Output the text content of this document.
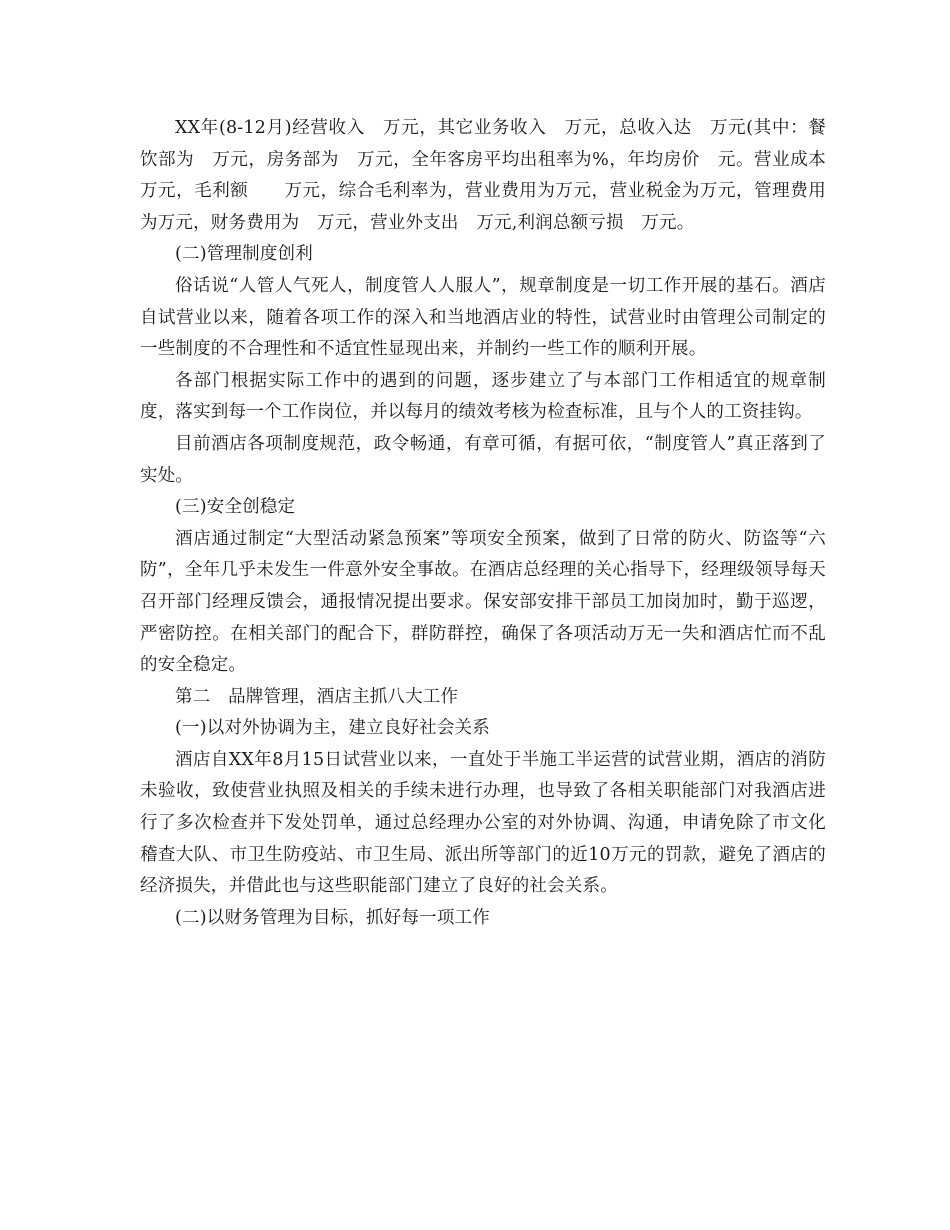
XX年(8-12月)经营收入　万元，其它业务收入　万元，总收入达　万元(其中：餐饮部为　万元，房务部为　万元，全年客房平均出租率为%，年均房价　元。营业成本　万元，毛利额　　万元，综合毛利率为，营业费用为万元，营业税金为万元，管理费用为万元，财务费用为　万元，营业外支出　万元,利润总额亏损　万元。

(二)管理制度创利

俗话说“人管人气死人，制度管人人服人”，规章制度是一切工作开展的基石。酒店自试营业以来，随着各项工作的深入和当地酒店业的特性，试营业时由管理公司制定的一些制度的不合理性和不适宜性显现出来，并制约一些工作的顺利开展。

各部门根据实际工作中的遇到的问题，逐步建立了与本部门工作相适宜的规章制度，落实到每一个工作岗位，并以每月的绩效考核为检查标准，且与个人的工资挂钩。

目前酒店各项制度规范，政令畅通，有章可循，有据可依，“制度管人”真正落到了实处。

(三)安全创稳定

酒店通过制定“大型活动紧急预案”等项安全预案，做到了日常的防火、防盗等“六防”，全年几乎未发生一件意外安全事故。在酒店总经理的关心指导下，经理级领导每天召开部门经理反馈会，通报情况提出要求。保安部安排干部员工加岗加时，勤于巡逻，严密防控。在相关部门的配合下，群防群控，确保了各项活动万无一失和酒店忙而不乱的安全稳定。

第二　品牌管理，酒店主抓八大工作

(一)以对外协调为主，建立良好社会关系

酒店自XX年8月15日试营业以来，一直处于半施工半运营的试营业期，酒店的消防未验收，致使营业执照及相关的手续未进行办理，也导致了各相关职能部门对我酒店进行了多次检查并下发处罚单，通过总经理办公室的对外协调、沟通，申请免除了市文化稽查大队、市卫生防疫站、市卫生局、派出所等部门的近10万元的罚款，避免了酒店的经济损失，并借此也与这些职能部门建立了良好的社会关系。

(二)以财务管理为目标，抓好每一项工作
